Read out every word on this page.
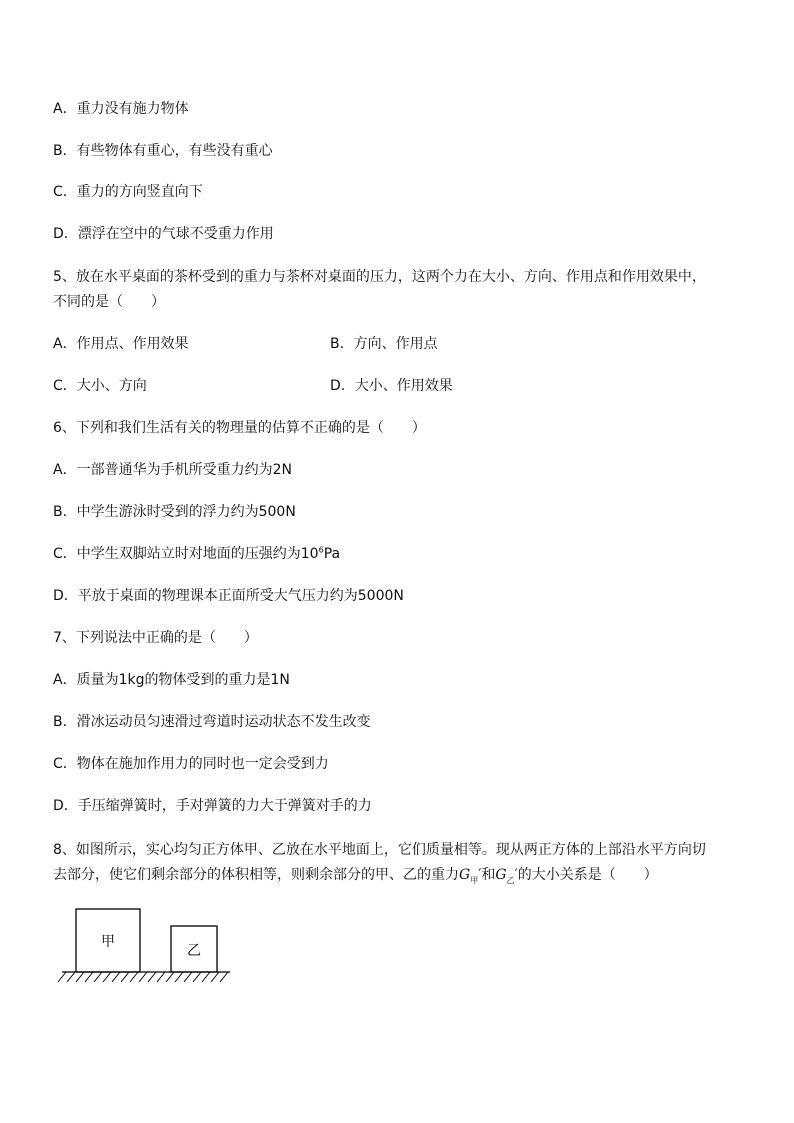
A．重力没有施力物体
B．有些物体有重心，有些没有重心
C．重力的方向竖直向下
D．漂浮在空中的气球不受重力作用
5、放在水平桌面的茶杯受到的重力与茶杯对桌面的压力，这两个力在大小、方向、作用点和作用效果中，
不同的是（　　）
A．作用点、作用效果	B．方向、作用点
C．大小、方向	D．大小、作用效果
6、下列和我们生活有关的物理量的估算不正确的是（　　）
A．一部普通华为手机所受重力约为2N
B．中学生游泳时受到的浮力约为500N
C．中学生双脚站立时对地面的压强约为$10^6Pa$
D．平放于桌面的物理课本正面所受大气压力约为5000N
7、下列说法中正确的是（　　）
A．质量为1kg的物体受到的重力是1N
B．滑冰运动员匀速滑过弯道时运动状态不发生改变
C．物体在施加作用力的同时也一定会受到力
D．手压缩弹簧时，手对弹簧的力大于弹簧对手的力
8、如图所示，实心均匀正方体甲、乙放在水平地面上，它们质量相等。现从两正方体的上部沿水平方向切
去部分，使它们剩余部分的体积相等，则剩余部分的甲、乙的重力$G_甲'$和$G_乙'$的大小关系是（　　）
甲
乙
